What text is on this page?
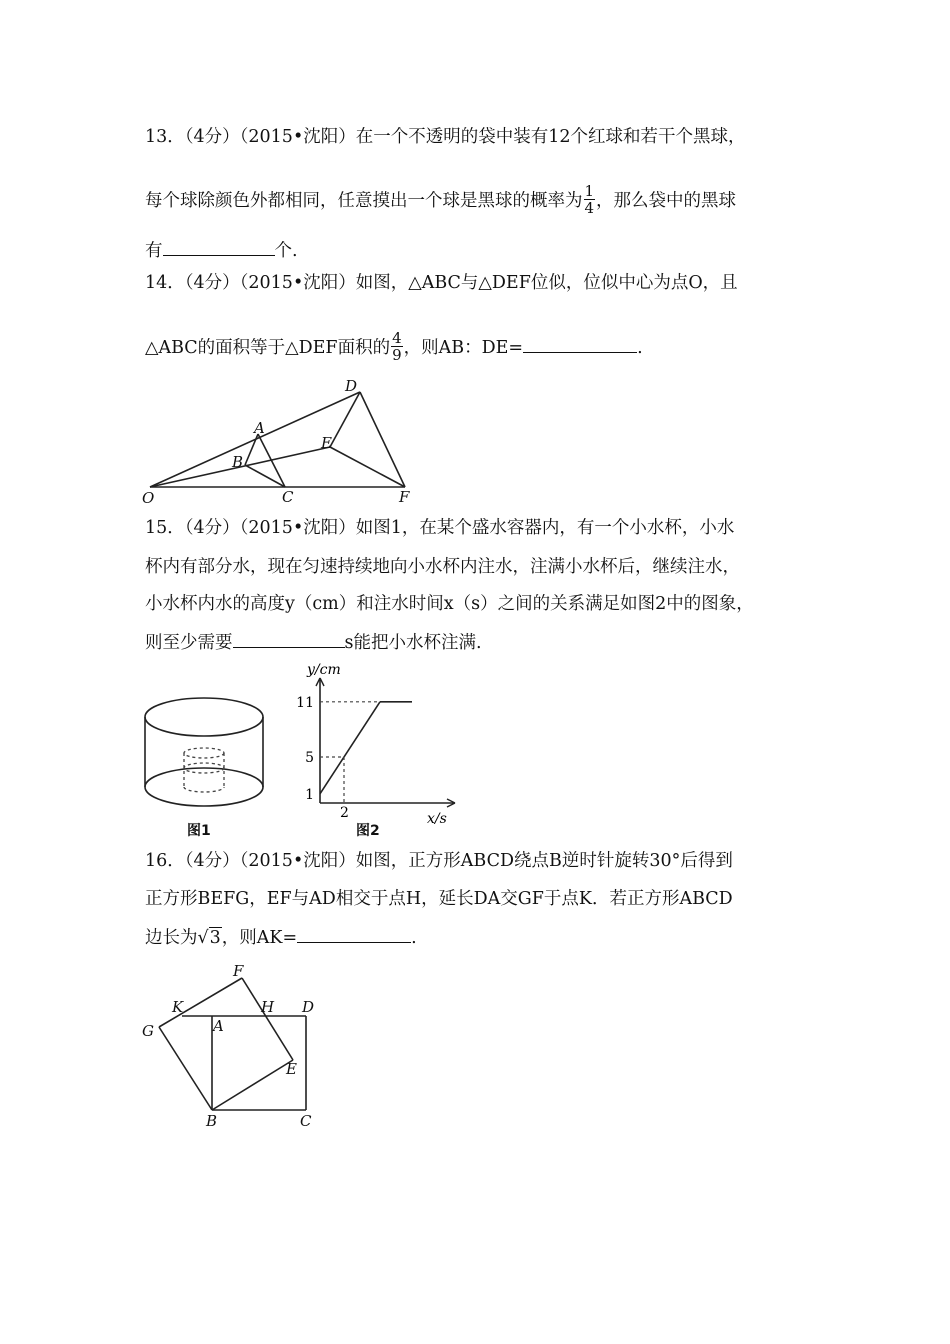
13．（4分）（2015•沈阳）在一个不透明的袋中装有12个红球和若干个黑球，
每个球除颜色外都相同，任意摸出一个球是黑球的概率为 $\frac{1}{4}$ ，那么袋中的黑球
有	个.
14．（4分）（2015•沈阳）如图，△ABC与△DEF位似，位似中心为点O，且
△ABC的面积等于△DEF面积的 $\frac{4}{9}$ ，则AB：DE=	.
O
A
B
C
D
E
F
15．（4分）（2015•沈阳）如图1，在某个盛水容器内，有一个小水杯，小水
杯内有部分水，现在匀速持续地向小水杯内注水，注满小水杯后，继续注水，
小水杯内水的高度y（cm）和注水时间x（s）之间的关系满足如图2中的图象，
则至少需要	s能把小水杯注满.
图1
y/cm
x/s
11
5
1
2
图2
16．（4分）（2015•沈阳）如图，正方形ABCD绕点B逆时针旋转30°后得到
正方形BEFG，EF与AD相交于点H，延长DA交GF于点K．若正方形ABCD
边长为√3，则AK=	.
F
K	H D
G	A
E
B	C
